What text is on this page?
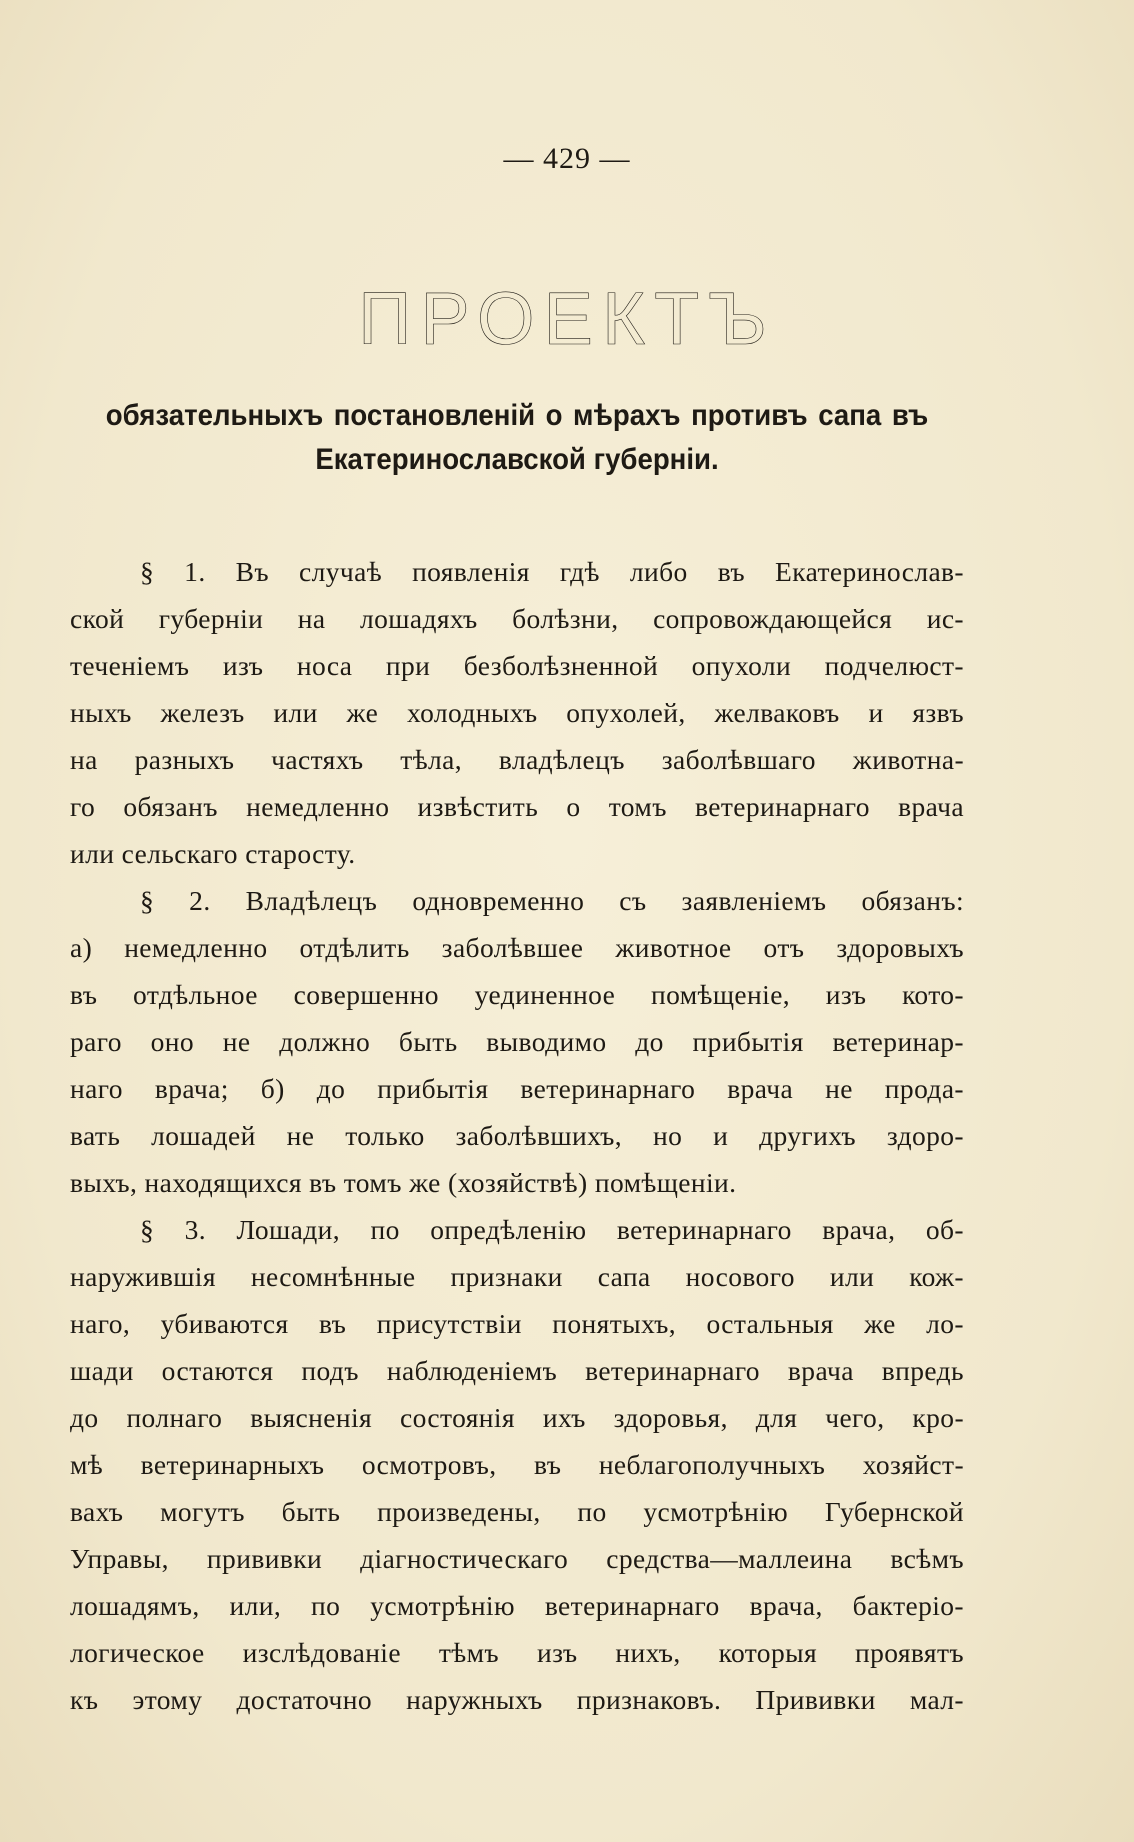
— 429 —
ПРОЕКТЪ
обязательныхъ постановленій о мѣрахъ противъ сапа въ
Екатеринославской губерніи.
§ 1. Въ случаѣ появленія гдѣ либо въ Екатеринослав-
ской губерніи на лошадяхъ болѣзни, сопровождающейся ис-
теченіемъ изъ носа при безболѣзненной опухоли подчелюст-
ныхъ железъ или же холодныхъ опухолей, желваковъ и язвъ
на разныхъ частяхъ тѣла, владѣлецъ заболѣвшаго животна-
го обязанъ немедленно извѣстить о томъ ветеринарнаго врача
или сельскаго старосту.
§ 2. Владѣлецъ одновременно съ заявленіемъ обязанъ:
а) немедленно отдѣлить заболѣвшее животное отъ здоровыхъ
въ отдѣльное совершенно уединенное помѣщеніе, изъ кото-
раго оно не должно быть выводимо до прибытія ветеринар-
наго врача; б) до прибытія ветеринарнаго врача не прода-
вать лошадей не только заболѣвшихъ, но и другихъ здоро-
выхъ, находящихся въ томъ же (хозяйствѣ) помѣщеніи.
§ 3. Лошади, по опредѣленію ветеринарнаго врача, об-
наружившія несомнѣнные признаки сапа носового или кож-
наго, убиваются въ присутствіи понятыхъ, остальныя же ло-
шади остаются подъ наблюденіемъ ветеринарнаго врача впредь
до полнаго выясненія состоянія ихъ здоровья, для чего, кро-
мѣ ветеринарныхъ осмотровъ, въ неблагополучныхъ хозяйст-
вахъ могутъ быть произведены, по усмотрѣнію Губернской
Управы, прививки діагностическаго средства—маллеина всѣмъ
лошадямъ, или, по усмотрѣнію ветеринарнаго врача, бактеріо-
логическое изслѣдованіе тѣмъ изъ нихъ, которыя проявятъ
къ этому достаточно наружныхъ признаковъ. Прививки мал-
